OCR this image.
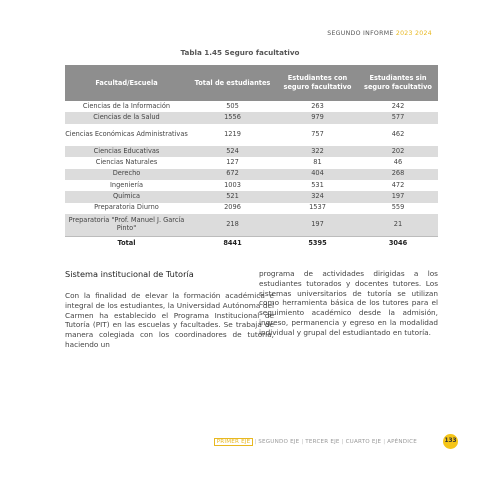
SEGUNDO INFORME 2023 2024
Tabla 1.45 Seguro facultativo
Facultad/Escuela	Total de estudiantes	Estudiantes con seguro facultativo	Estudiantes sin seguro facultativo
Ciencias de la Información	505	263	242
Ciencias de la Salud	1556	979	577
Ciencias Económicas Administrativas	1219	757	462
Ciencias Educativas	524	322	202
Ciencias Naturales	127	81	46
Derecho	672	404	268
Ingeniería	1003	531	472
Química	521	324	197
Preparatoria Diurno	2096	1537	559
Preparatoria "Prof. Manuel J. García Pinto"	218	197	21
Total	8441	5395	3046
Sistema institucional de Tutoría
Con la finalidad de elevar la formación académica e integral de los estudiantes, la Universidad Autónoma del Carmen ha establecido el Programa Institucional de Tutoría (PIT) en las escuelas y facultades. Se trabaja de manera colegiada con los coordinadores de tutoría, haciendo un
programa de actividades dirigidas a los estudiantes tutorados y docentes tutores. Los sistemas universitarios de tutoría se utilizan como herramienta básica de los tutores para el seguimiento académico desde la admisión, ingreso, permanencia y egreso en la modalidad individual y grupal del estudiantado en tutoría.
PRIMER EJE | SEGUNDO EJE | TERCER EJE | CUARTO EJE | APÉNDICE	133
